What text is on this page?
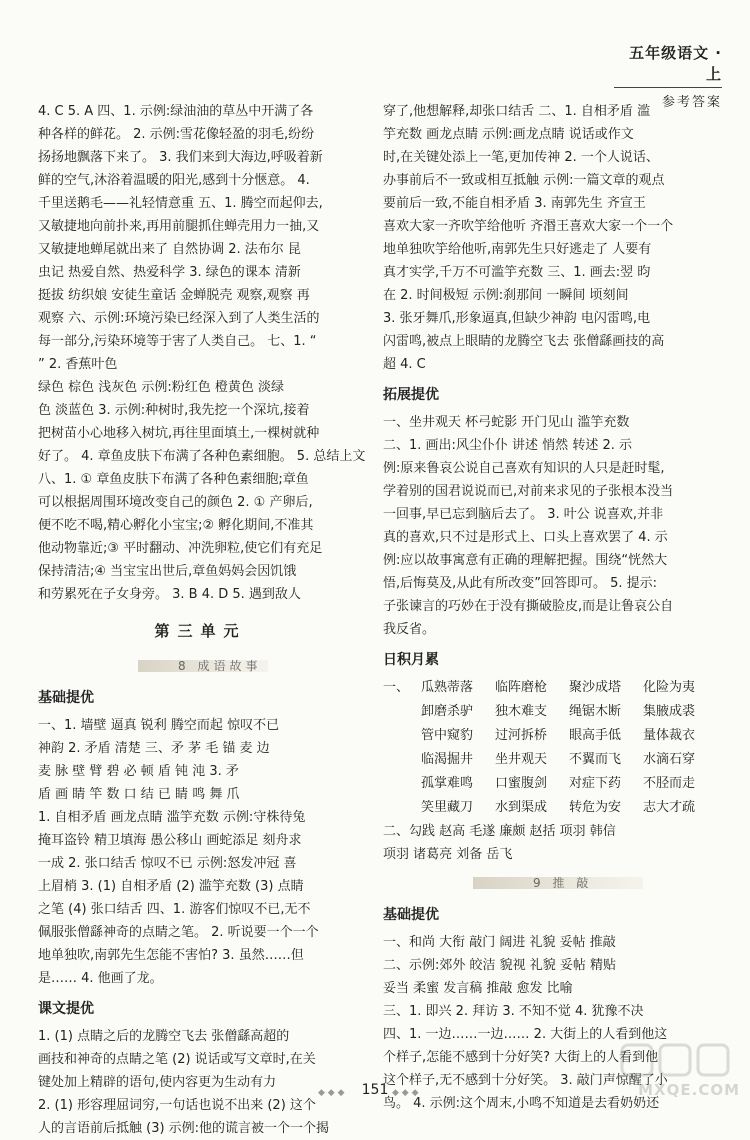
五年级语文 · 上
参考答案
4. C 5. A 四、1. 示例:绿油油的草丛中开满了各
种各样的鲜花。 2. 示例:雪花像轻盈的羽毛,纷纷
扬扬地飘落下来了。 3. 我们来到大海边,呼吸着新
鲜的空气,沐浴着温暖的阳光,感到十分惬意。 4.
千里送鹅毛——礼轻情意重 五、1. 腾空而起仰去,
又敏捷地向前扑来,再用前腿抓住蝉壳用力一抽,又
又敏捷地蝉尾就出来了 自然协调 2. 法布尔 昆
虫记 热爱自然、热爱科学 3. 绿色的课本 清新
挺拔 纺织娘 安徒生童话 金蝉脱壳 观察,观察 再
观察 六、示例:环境污染已经深入到了人类生活的
每一部分,污染环境等于害了人类自己。 七、1. “
” 2. 香蕉叶色
绿色 棕色 浅灰色 示例:粉红色 橙黄色 淡绿
色 淡蓝色 3. 示例:种树时,我先挖一个深坑,接着
把树苗小心地移入树坑,再往里面填土,一棵树就种
好了。 4. 章鱼皮肤下布满了各种色素细胞。 5. 总结上文
八、1. ① 章鱼皮肤下布满了各种色素细胞;章鱼
可以根据周围环境改变自己的颜色 2. ① 产卵后,
便不吃不喝,精心孵化小宝宝;② 孵化期间,不准其
他动物靠近;③ 平时翻动、冲洗卵粒,使它们有充足
保持清洁;④ 当宝宝出世后,章鱼妈妈会因饥饿
和劳累死在子女身旁。 3. B 4. D 5. 遇到敌人
第三单元
8 成语故事
基础提优
一、1. 墙壁 逼真 锐利 腾空而起 惊叹不已
神韵 2. 矛盾 清楚 三、矛 茅 毛 锚 麦 边
麦 脉 壁 臂 碧 必 顿 盾 钝 沌 3. 矛
盾 画 睛 竿 数 口 结 已 睛 鸣 舞 爪
1. 自相矛盾 画龙点睛 滥竽充数 示例:守株待兔
掩耳盗铃 精卫填海 愚公移山 画蛇添足 刻舟求
一成 2. 张口结舌 惊叹不已 示例:怒发冲冠 喜
上眉梢 3. (1) 自相矛盾 (2) 滥竽充数 (3) 点睛
之笔 (4) 张口结舌 四、1. 游客们惊叹不已,无不
佩服张僧繇神奇的点睛之笔。 2. 听说要一个一个
地单独吹,南郭先生怎能不害怕? 3. 虽然……但
是…… 4. 他画了龙。
课文提优
1. (1) 点睛之后的龙腾空飞去 张僧繇高超的
画技和神奇的点睛之笔 (2) 说话或写文章时,在关
键处加上精辟的语句,使内容更为生动有力
2. (1) 形容理屈词穷,一句话也说不出来 (2) 这个
人的言语前后抵触 (3) 示例:他的谎言被一个一个揭
穿了,他想解释,却张口结舌 二、1. 自相矛盾 滥
竽充数 画龙点睛 示例:画龙点睛 说话或作文
时,在关键处添上一笔,更加传神 2. 一个人说话、
办事前后不一致或相互抵触 示例:一篇文章的观点
要前后一致,不能自相矛盾 3. 南郭先生 齐宣王
喜欢大家一齐吹竽给他听 齐湣王喜欢大家一个一个
地单独吹竽给他听,南郭先生只好逃走了 人要有
真才实学,千万不可滥竽充数 三、1. 画去:翌 昀
在 2. 时间极短 示例:刹那间 一瞬间 顷刻间
3. 张牙舞爪,形象逼真,但缺少神韵 电闪雷鸣,电
闪雷鸣,被点上眼睛的龙腾空飞去 张僧繇画技的高
超 4. C
拓展提优
一、坐井观天 杯弓蛇影 开门见山 滥竽充数
二、1. 画出:风尘仆仆 讲述 悄然 转述 2. 示
例:原来鲁哀公说自己喜欢有知识的人只是赶时髦,
学着别的国君说说而已,对前来求见的子张根本没当
一回事,早已忘到脑后去了。 3. 叶公 说喜欢,并非
真的喜欢,只不过是形式上、口头上喜欢罢了 4. 示
例:应以故事寓意有正确的理解把握。围绕“恍然大
悟,后悔莫及,从此有所改变”回答即可。 5. 提示:
子张谏言的巧妙在于没有撕破脸皮,而是让鲁哀公自
我反省。
日积月累
一、 瓜熟蒂落	临阵磨枪	聚沙成塔	化险为夷
卸磨杀驴	独木难支	绳锯木断	集腋成裘
管中窥豹	过河拆桥	眼高手低	量体裁衣
临渴掘井	坐井观天	不翼而飞	水滴石穿
孤掌难鸣	口蜜腹剑	对症下药	不胫而走
笑里藏刀	水到渠成	转危为安	志大才疏
二、勾践 赵高 毛遂 廉颇 赵括 项羽 韩信
项羽 诸葛亮 刘备 岳飞
9 推 敲
基础提优
一、和尚 大衔 敲门 阔进 礼貌 妥帖 推敲
二、示例:郊外 皎洁 貌视 礼貌 妥帖 精贴
妥当 柔蜜 发言稿 推敲 愈发 比喻
三、1. 即兴 2. 拜访 3. 不知不觉 4. 犹豫不决
四、1. 一边……一边…… 2. 大街上的人看到他这
个样子,怎能不感到十分好笑? 大街上的人看到他
这个样子,无不感到十分好笑。 3. 敲门声惊醒了小
鸟。 4. 示例:这个周末,小鸣不知道是去看奶奶还
◆ ◆ ◆	151 ◆ ◆ ◆	MXQE.COM
